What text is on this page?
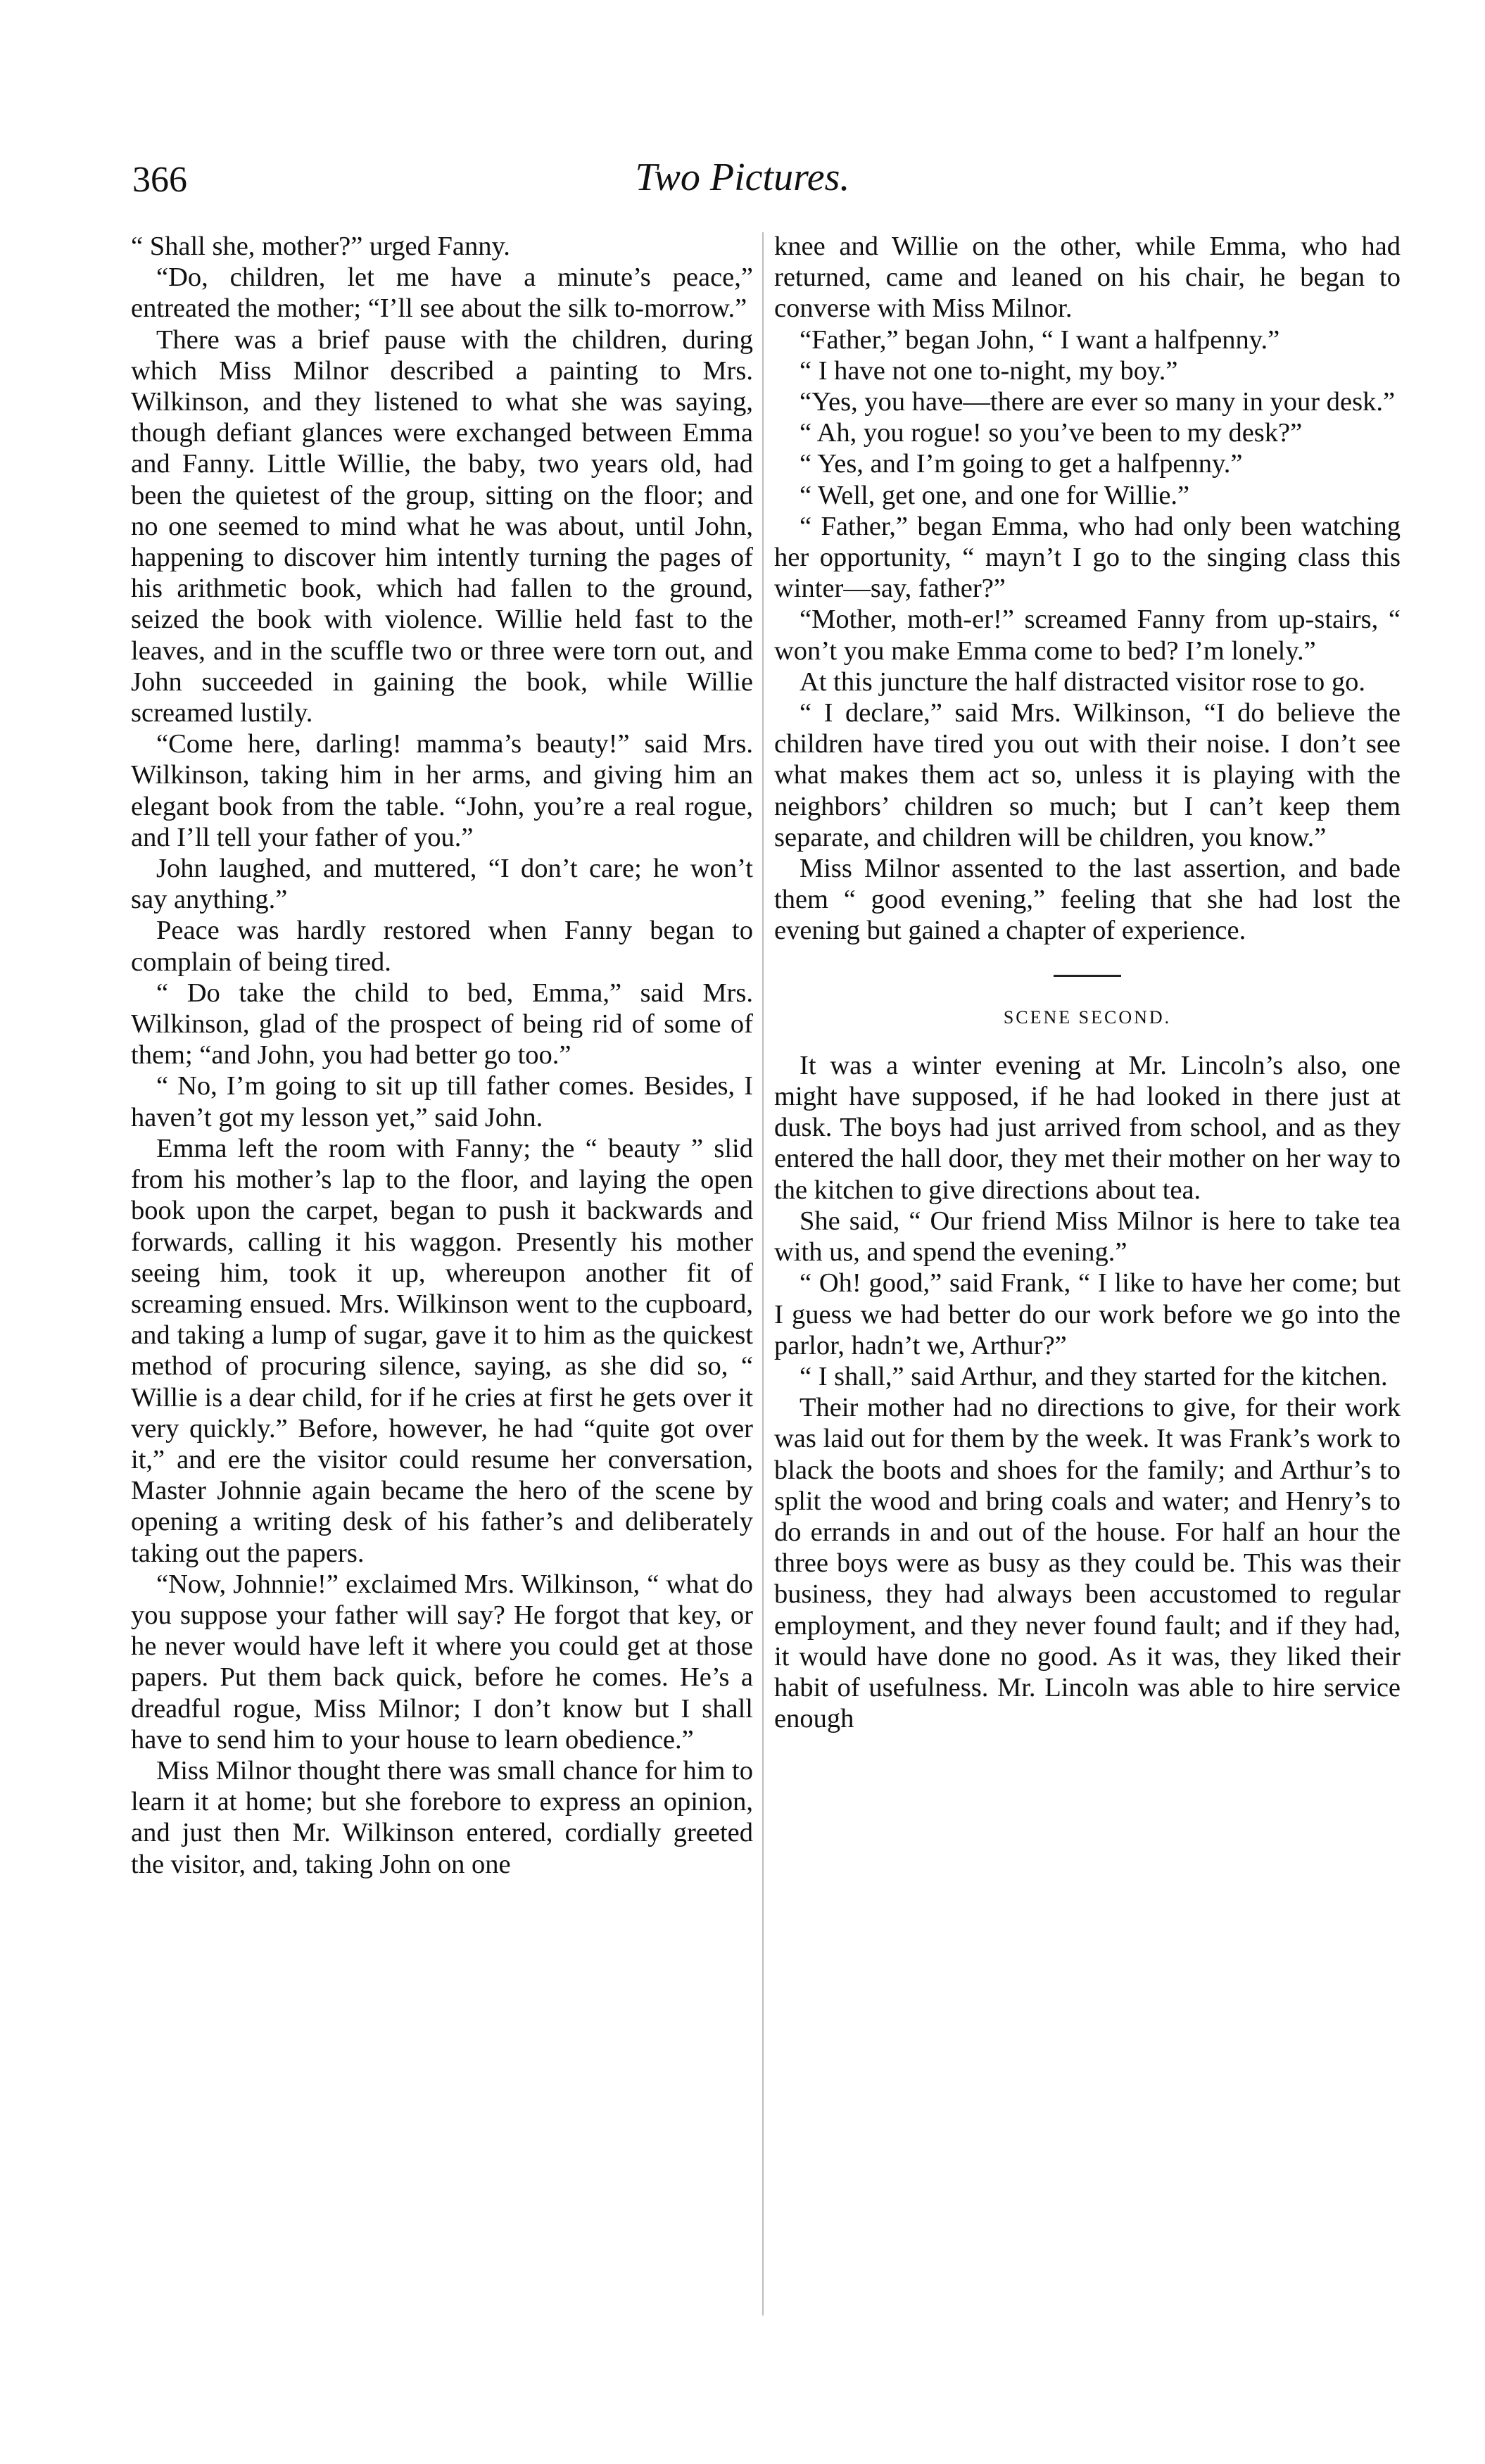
366	Two Pictures.

“ Shall she, mother?” urged Fanny.

“Do, children, let me have a minute’s peace,” entreated the mother; “I’ll see about the silk to-morrow.”

There was a brief pause with the children, during which Miss Milnor described a painting to Mrs. Wilkinson, and they listened to what she was saying, though defiant glances were exchanged between Emma and Fanny. Little Willie, the baby, two years old, had been the quietest of the group, sitting on the floor; and no one seemed to mind what he was about, until John, happening to discover him intently turning the pages of his arithmetic book, which had fallen to the ground, seized the book with violence. Willie held fast to the leaves, and in the scuffle two or three were torn out, and John succeeded in gaining the book, while Willie screamed lustily.

“Come here, darling! mamma’s beauty!” said Mrs. Wilkinson, taking him in her arms, and giving him an elegant book from the table. “John, you’re a real rogue, and I’ll tell your father of you.”

John laughed, and muttered, “I don’t care; he won’t say anything.”

Peace was hardly restored when Fanny began to complain of being tired.

“ Do take the child to bed, Emma,” said Mrs. Wilkinson, glad of the prospect of being rid of some of them; “and John, you had better go too.”

“ No, I’m going to sit up till father comes. Besides, I haven’t got my lesson yet,” said John.

Emma left the room with Fanny; the “ beauty ” slid from his mother’s lap to the floor, and laying the open book upon the carpet, began to push it backwards and forwards, calling it his waggon. Presently his mother seeing him, took it up, whereupon another fit of screaming ensued. Mrs. Wilkinson went to the cupboard, and taking a lump of sugar, gave it to him as the quickest method of procuring silence, saying, as she did so, “ Willie is a dear child, for if he cries at first he gets over it very quickly.” Before, however, he had “quite got over it,” and ere the visitor could resume her conversation, Master Johnnie again became the hero of the scene by opening a writing desk of his father’s and deliberately taking out the papers.

“Now, Johnnie!” exclaimed Mrs. Wilkinson, “ what do you suppose your father will say? He forgot that key, or he never would have left it where you could get at those papers. Put them back quick, before he comes. He’s a dreadful rogue, Miss Milnor; I don’t know but I shall have to send him to your house to learn obedience.”

Miss Milnor thought there was small chance for him to learn it at home; but she forebore to express an opinion, and just then Mr. Wilkinson entered, cordially greeted the visitor, and, taking John on one

knee and Willie on the other, while Emma, who had returned, came and leaned on his chair, he began to converse with Miss Milnor.

“Father,” began John, “ I want a halfpenny.”

“ I have not one to-night, my boy.”

“Yes, you have—there are ever so many in your desk.”

“ Ah, you rogue! so you’ve been to my desk?”

“ Yes, and I’m going to get a halfpenny.”

“ Well, get one, and one for Willie.”

“ Father,” began Emma, who had only been watching her opportunity, “ mayn’t I go to the singing class this winter—say, father?”

“Mother, moth-er!” screamed Fanny from up-stairs, “ won’t you make Emma come to bed? I’m lonely.”

At this juncture the half distracted visitor rose to go.

“ I declare,” said Mrs. Wilkinson, “I do believe the children have tired you out with their noise. I don’t see what makes them act so, unless it is playing with the neighbors’ children so much; but I can’t keep them separate, and children will be children, you know.”

Miss Milnor assented to the last assertion, and bade them “ good evening,” feeling that she had lost the evening but gained a chapter of experience.

SCENE SECOND.

It was a winter evening at Mr. Lincoln’s also, one might have supposed, if he had looked in there just at dusk. The boys had just arrived from school, and as they entered the hall door, they met their mother on her way to the kitchen to give directions about tea.

She said, “ Our friend Miss Milnor is here to take tea with us, and spend the evening.”

“ Oh! good,” said Frank, “ I like to have her come; but I guess we had better do our work before we go into the parlor, hadn’t we, Arthur?”

“ I shall,” said Arthur, and they started for the kitchen.

Their mother had no directions to give, for their work was laid out for them by the week. It was Frank’s work to black the boots and shoes for the family; and Arthur’s to split the wood and bring coals and water; and Henry’s to do errands in and out of the house. For half an hour the three boys were as busy as they could be. This was their business, they had always been accustomed to regular employment, and they never found fault; and if they had, it would have done no good. As it was, they liked their habit of usefulness. Mr. Lincoln was able to hire service enough
